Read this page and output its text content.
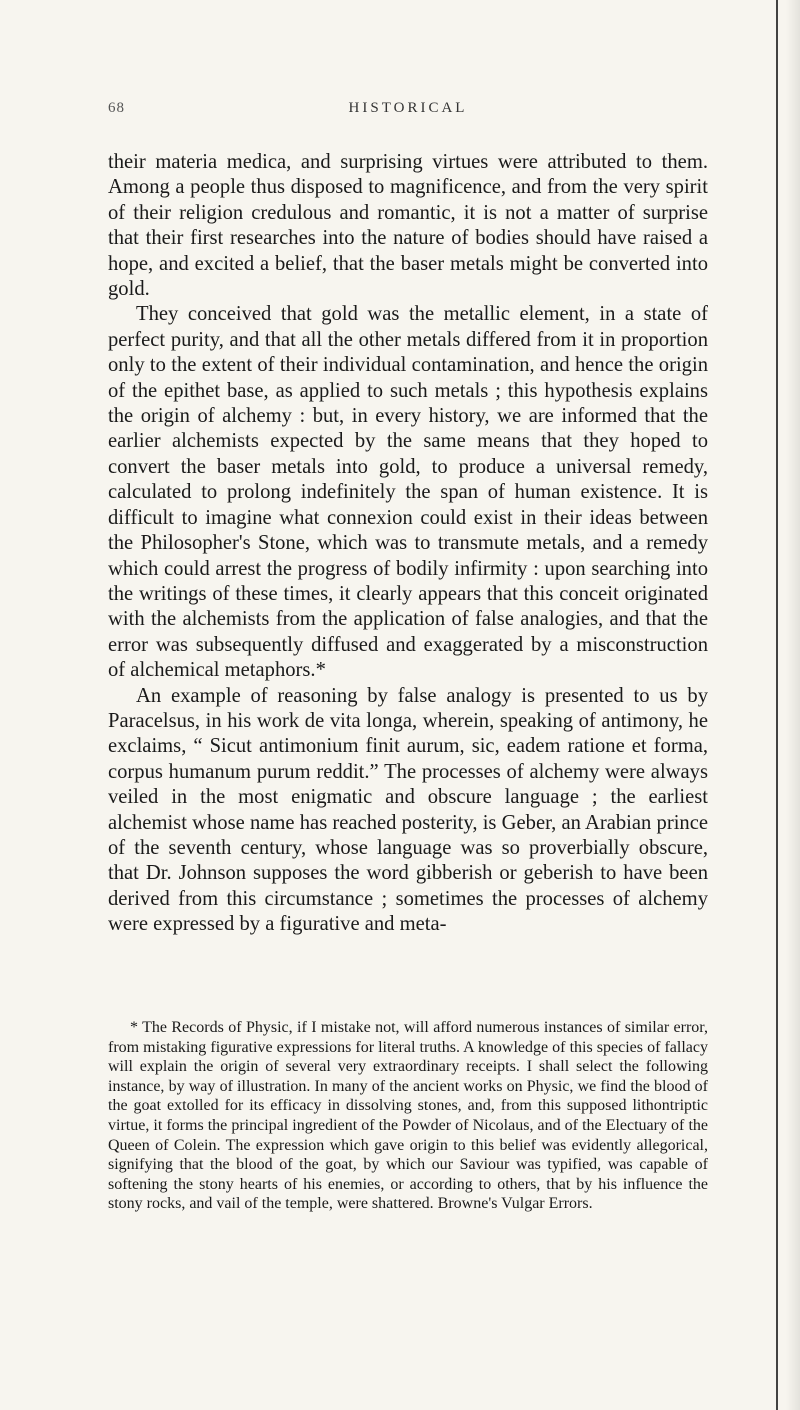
68	HISTORICAL

their materia medica, and surprising virtues were attributed to them. Among a people thus disposed to magnificence, and from the very spirit of their religion credulous and romantic, it is not a matter of surprise that their first researches into the nature of bodies should have raised a hope, and excited a belief, that the baser metals might be converted into gold.

They conceived that gold was the metallic element, in a state of perfect purity, and that all the other metals differed from it in proportion only to the extent of their individual contamination, and hence the origin of the epithet base, as applied to such metals ; this hypothesis explains the origin of alchemy : but, in every history, we are informed that the earlier alchemists expected by the same means that they hoped to convert the baser metals into gold, to produce a universal remedy, calculated to prolong indefinitely the span of human existence. It is difficult to imagine what connexion could exist in their ideas between the Philosopher's Stone, which was to transmute metals, and a remedy which could arrest the progress of bodily infirmity : upon searching into the writings of these times, it clearly appears that this conceit originated with the alchemists from the application of false analogies, and that the error was subsequently diffused and exaggerated by a misconstruction of alchemical metaphors.*

An example of reasoning by false analogy is presented to us by Paracelsus, in his work de vita longa, wherein, speaking of antimony, he exclaims, “ Sicut antimonium finit aurum, sic, eadem ratione et forma, corpus humanum purum reddit.” The processes of alchemy were always veiled in the most enigmatic and obscure language ; the earliest alchemist whose name has reached posterity, is Geber, an Arabian prince of the seventh century, whose language was so proverbially obscure, that Dr. Johnson supposes the word gibberish or geberish to have been derived from this circumstance ; sometimes the processes of alchemy were expressed by a figurative and meta-

* The Records of Physic, if I mistake not, will afford numerous instances of similar error, from mistaking figurative expressions for literal truths. A knowledge of this species of fallacy will explain the origin of several very extraordinary receipts. I shall select the following instance, by way of illustration. In many of the ancient works on Physic, we find the blood of the goat extolled for its efficacy in dissolving stones, and, from this supposed lithontriptic virtue, it forms the principal ingredient of the Powder of Nicolaus, and of the Electuary of the Queen of Colein. The expression which gave origin to this belief was evidently allegorical, signifying that the blood of the goat, by which our Saviour was typified, was capable of softening the stony hearts of his enemies, or according to others, that by his influence the stony rocks, and vail of the temple, were shattered. Browne's Vulgar Errors.
